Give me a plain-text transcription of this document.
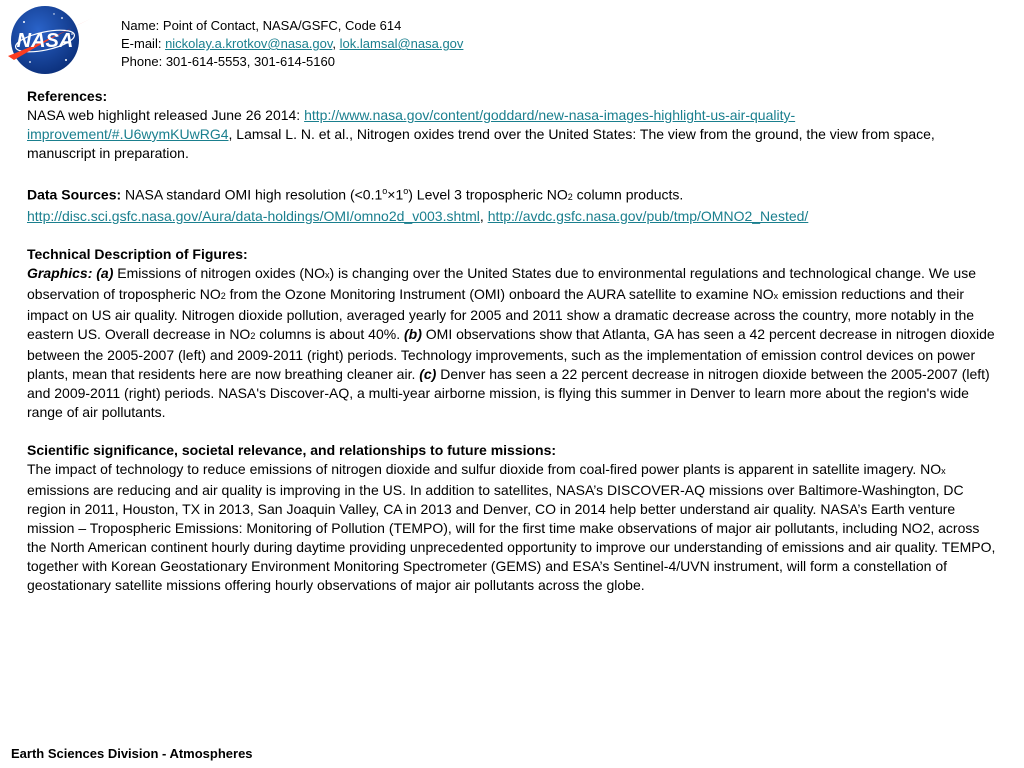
NASA
Name: Point of Contact, NASA/GSFC, Code 614
E-mail: nickolay.a.krotkov@nasa.gov, lok.lamsal@nasa.gov
Phone: 301-614-5553, 301-614-5160

References:

NASA web highlight released June 26 2014: http://www.nasa.gov/content/goddard/new-nasa-images-highlight-us-air-quality-improvement/#.U6wymKUwRG4, Lamsal L. N. et al., Nitrogen oxides trend over the United States: The view from the ground, the view from space, manuscript in preparation.

Data Sources: NASA standard OMI high resolution $(<0.1^o\times 1^o)$ Level 3 tropospheric NO2 column products.

http://disc.sci.gsfc.nasa.gov/Aura/data-holdings/OMI/omno2d_v003.shtml, http://avdc.gsfc.nasa.gov/pub/tmp/OMNO2_Nested/

Technical Description of Figures:

Graphics: (a) Emissions of nitrogen oxides (NOx) is changing over the United States due to environmental regulations and technological change. We use observation of tropospheric NO2 from the Ozone Monitoring Instrument (OMI) onboard the AURA satellite to examine NOx emission reductions and their impact on US air quality. Nitrogen dioxide pollution, averaged yearly for 2005 and 2011 show a dramatic decrease across the country, more notably in the eastern US. Overall decrease in NO2 columns is about 40%. (b) OMI observations show that Atlanta, GA has seen a 42 percent decrease in nitrogen dioxide between the 2005-2007 (left) and 2009-2011 (right) periods. Technology improvements, such as the implementation of emission control devices on power plants, mean that residents here are now breathing cleaner air. (c) Denver has seen a 22 percent decrease in nitrogen dioxide between the 2005-2007 (left) and 2009-2011 (right) periods. NASA's Discover-AQ, a multi-year airborne mission, is flying this summer in Denver to learn more about the region's wide range of air pollutants.

Scientific significance, societal relevance, and relationships to future missions:

The impact of technology to reduce emissions of nitrogen dioxide and sulfur dioxide from coal-fired power plants is apparent in satellite imagery. NOx emissions are reducing and air quality is improving in the US. In addition to satellites, NASA’s DISCOVER-AQ missions over Baltimore-Washington, DC region in 2011, Houston, TX in 2013, San Joaquin Valley, CA in 2013 and Denver, CO in 2014 help better understand air quality. NASA’s Earth venture mission – Tropospheric Emissions: Monitoring of Pollution (TEMPO), will for the first time make observations of major air pollutants, including NO2, across the North American continent hourly during daytime providing unprecedented opportunity to improve our understanding of emissions and air quality. TEMPO, together with Korean Geostationary Environment Monitoring Spectrometer (GEMS) and ESA’s Sentinel-4/UVN instrument, will form a constellation of geostationary satellite missions offering hourly observations of major air pollutants across the globe.

Earth Sciences Division - Atmospheres
